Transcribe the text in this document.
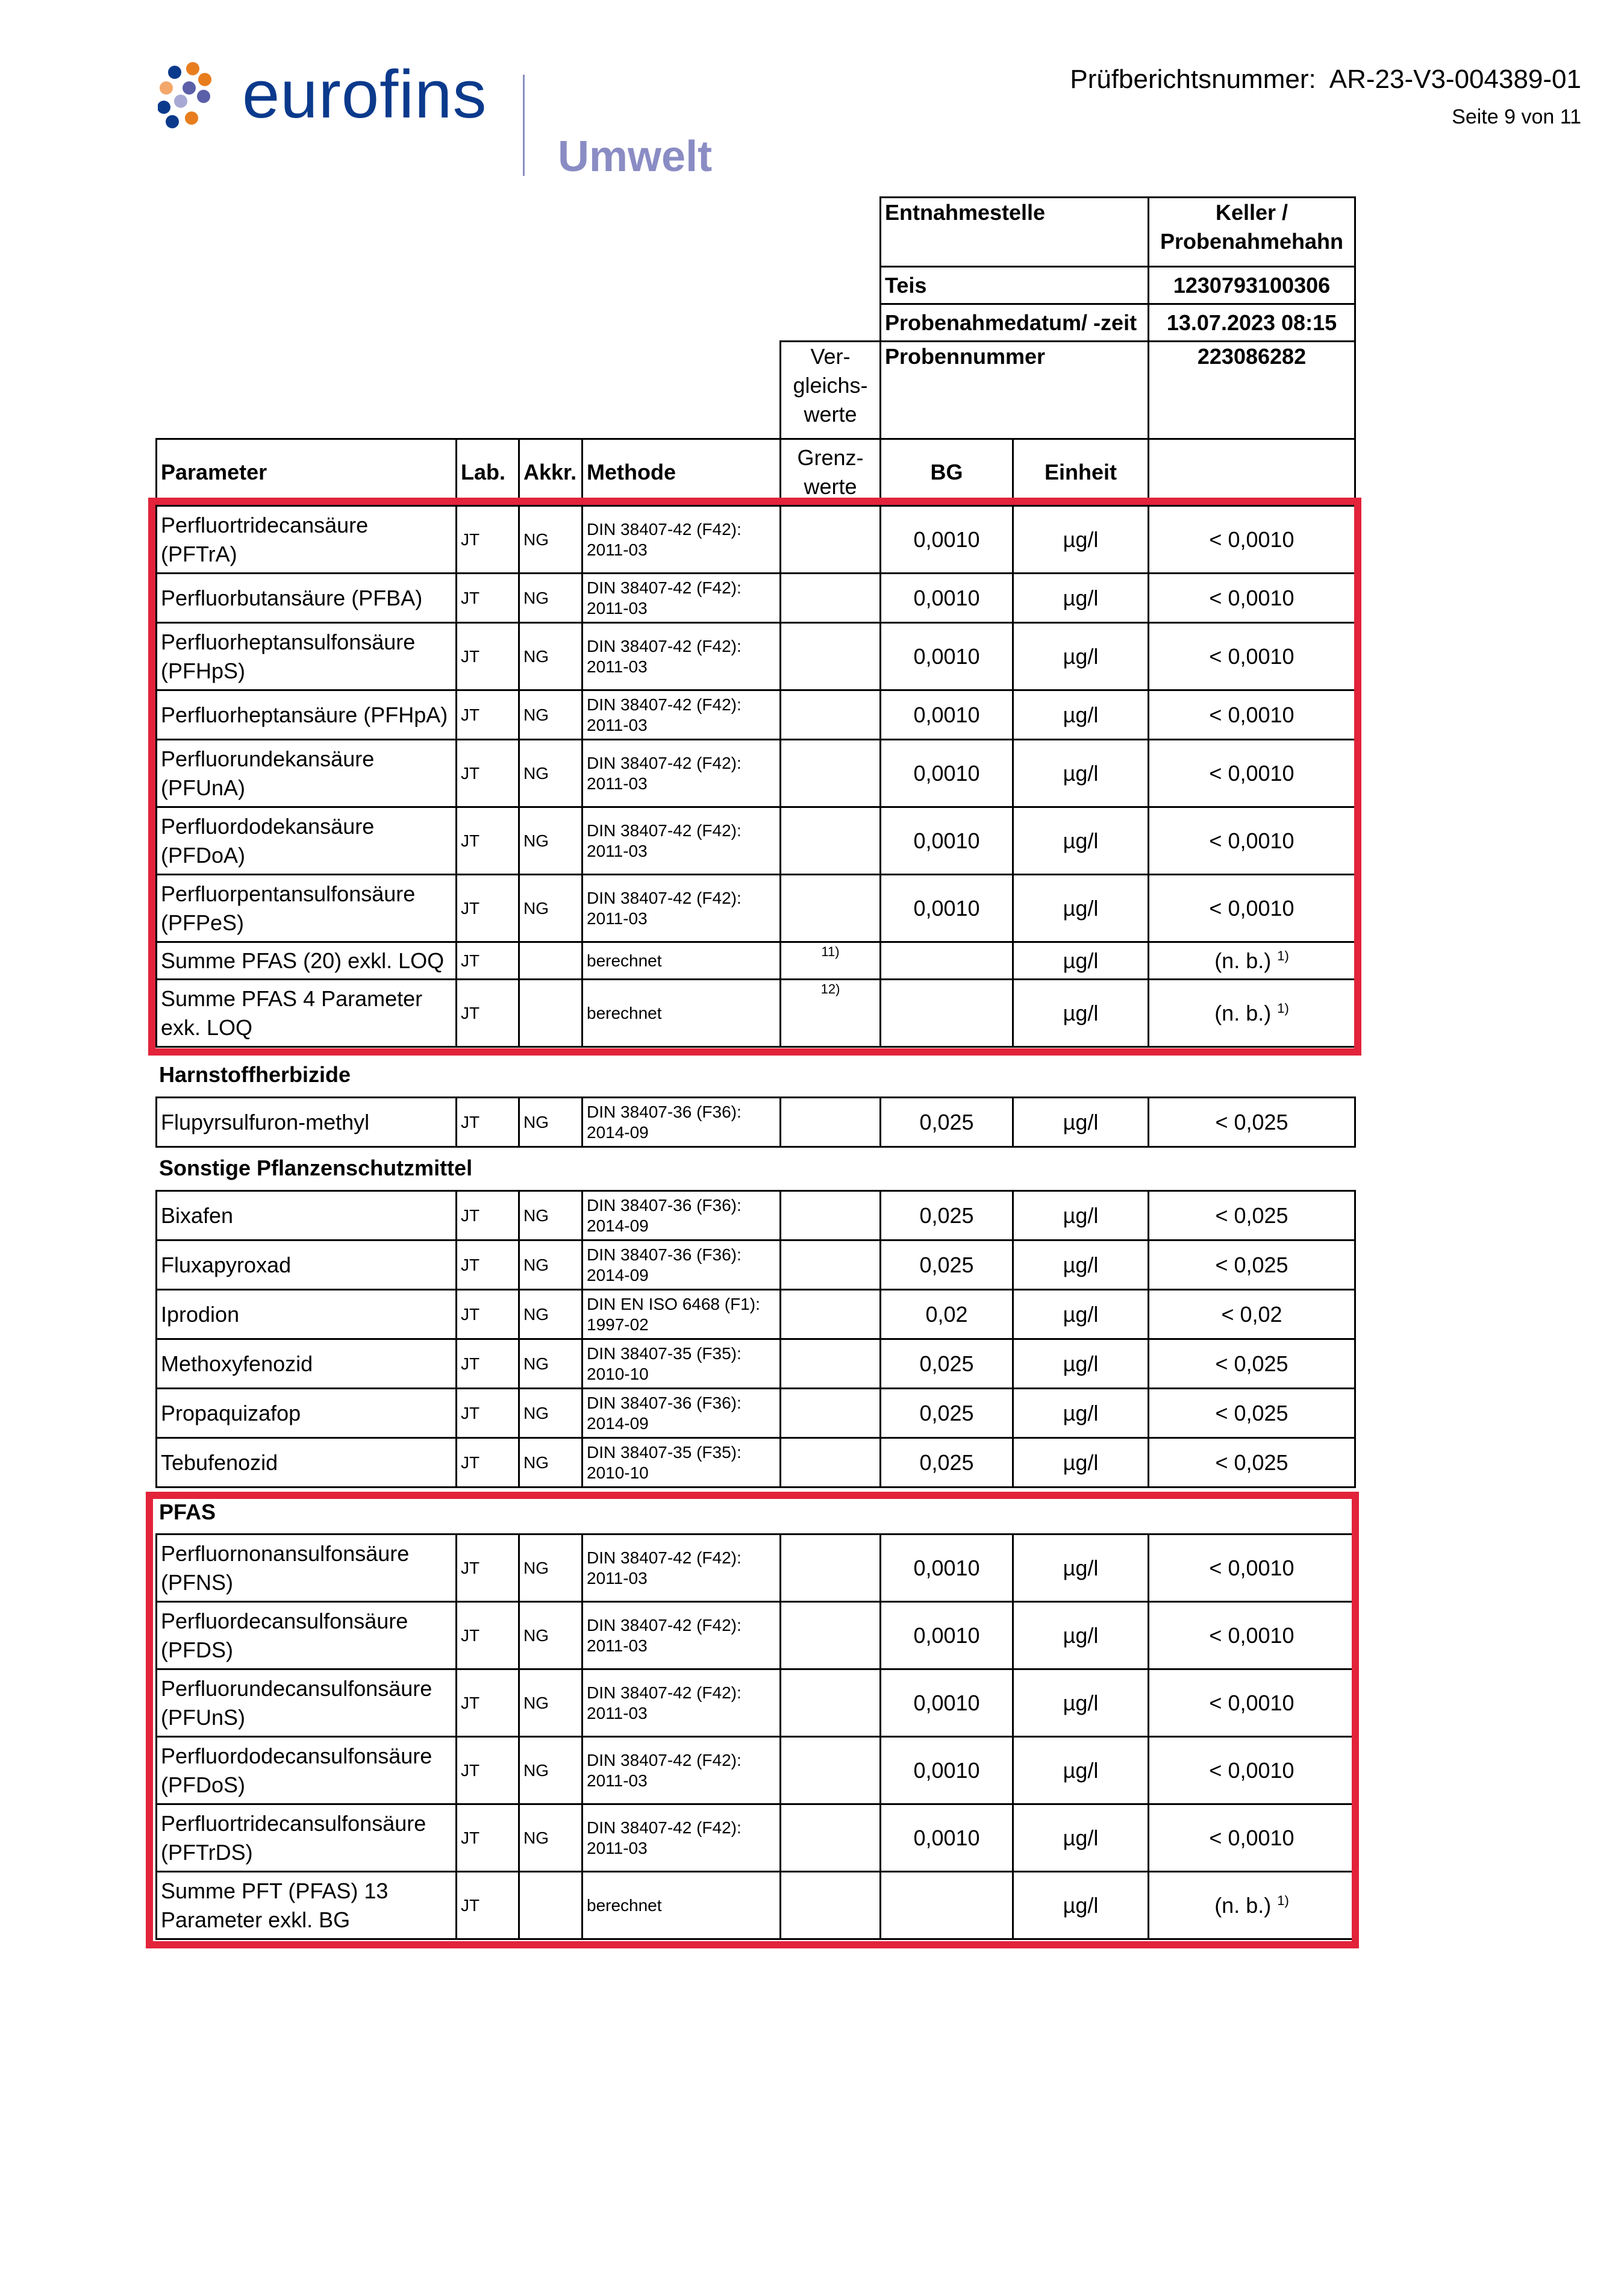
eurofins
Umwelt
Prüfberichtsnummer: AR-23-V3-004389-01
Seite 9 von 11
Entnahmestelle	Keller /
Probenahmehahn

Teis	1230793100306
Probenahmedatum/ -zeit	13.07.2023 08:15
Probennummer	223086282
Ver-
gleichs-
werte
Parameter	Lab.	Akkr.	Methode	
Grenz-
werte
	BG	Einheit	
Perfluortridecansäure
(PFTrA)
	JT	NG	
DIN 38407-42 (F42):
2011-03		0,0010	µg/l	< 0,0010

Perfluorbutansäure (PFBA)	JT	NG	DIN 38407-42 (F42):
2011-03		0,0010	µg/l	< 0,0010

Perfluorheptansulfonsäure
(PFHpS)
	JT	NG	
DIN 38407-42 (F42):
2011-03		0,0010	µg/l	< 0,0010

Perfluorheptansäure (PFHpA)	JT	NG	DIN 38407-42 (F42):
2011-03		0,0010	µg/l	< 0,0010

Perfluorundekansäure
(PFUnA)
	JT	NG	
DIN 38407-42 (F42):
2011-03		0,0010	µg/l	< 0,0010

Perfluordodekansäure
(PFDoA)
	JT	NG	
DIN 38407-42 (F42):
2011-03		0,0010	µg/l	< 0,0010

Perfluorpentansulfonsäure
(PFPeS)
	JT	NG	
DIN 38407-42 (F42):
2011-03		0,0010	µg/l	< 0,0010

Summe PFAS (20) exkl. LOQ	JT		berechnet	$^{11)}$		µg/l	(n. b.) $^{1)}$

Summe PFAS 4 Parameter
exk. LOQ	JT		berechnet	$^{12)}$		µg/l	(n. b.) $^{1)}$
Harnstoffherbizide
Flupyrsulfuron-methyl	JT	NG	
DIN 38407-36 (F36):
2014-09		0,025	µg/l	< 0,025
Sonstige Pflanzenschutzmittel
Bixafen	JT	NG	DIN 38407-36 (F36):
2014-09		0,025	µg/l	< 0,025

Fluxapyroxad	JT	NG	DIN 38407-36 (F36):
2014-09		0,025	µg/l	< 0,025

Iprodion	JT	NG	DIN EN ISO 6468 (F1):
1997-02		0,02	µg/l	< 0,02

Methoxyfenozid	JT	NG	DIN 38407-35 (F35):
2010-10		0,025	µg/l	< 0,025

Propaquizafop	JT	NG	DIN 38407-36 (F36):
2014-09		0,025	µg/l	< 0,025

Tebufenozid	JT	NG	DIN 38407-35 (F35):
2010-10		0,025	µg/l	< 0,025
PFAS
Perfluornonansulfonsäure
(PFNS)
	JT	NG	
DIN 38407-42 (F42):
2011-03		0,0010	µg/l	< 0,0010

Perfluordecansulfonsäure
(PFDS)
	JT	NG	
DIN 38407-42 (F42):
2011-03		0,0010	µg/l	< 0,0010

Perfluorundecansulfonsäure
(PFUnS)
	JT	NG	
DIN 38407-42 (F42):
2011-03		0,0010	µg/l	< 0,0010

Perfluordodecansulfonsäure
(PFDoS)
	JT	NG	
DIN 38407-42 (F42):
2011-03		0,0010	µg/l	< 0,0010

Perfluortridecansulfonsäure
(PFTrDS)
	JT	NG	
DIN 38407-42 (F42):
2011-03		0,0010	µg/l	< 0,0010

Summe PFT (PFAS) 13
Parameter exkl. BG	JT		berechnet			µg/l	(n. b.) $^{1)}$
